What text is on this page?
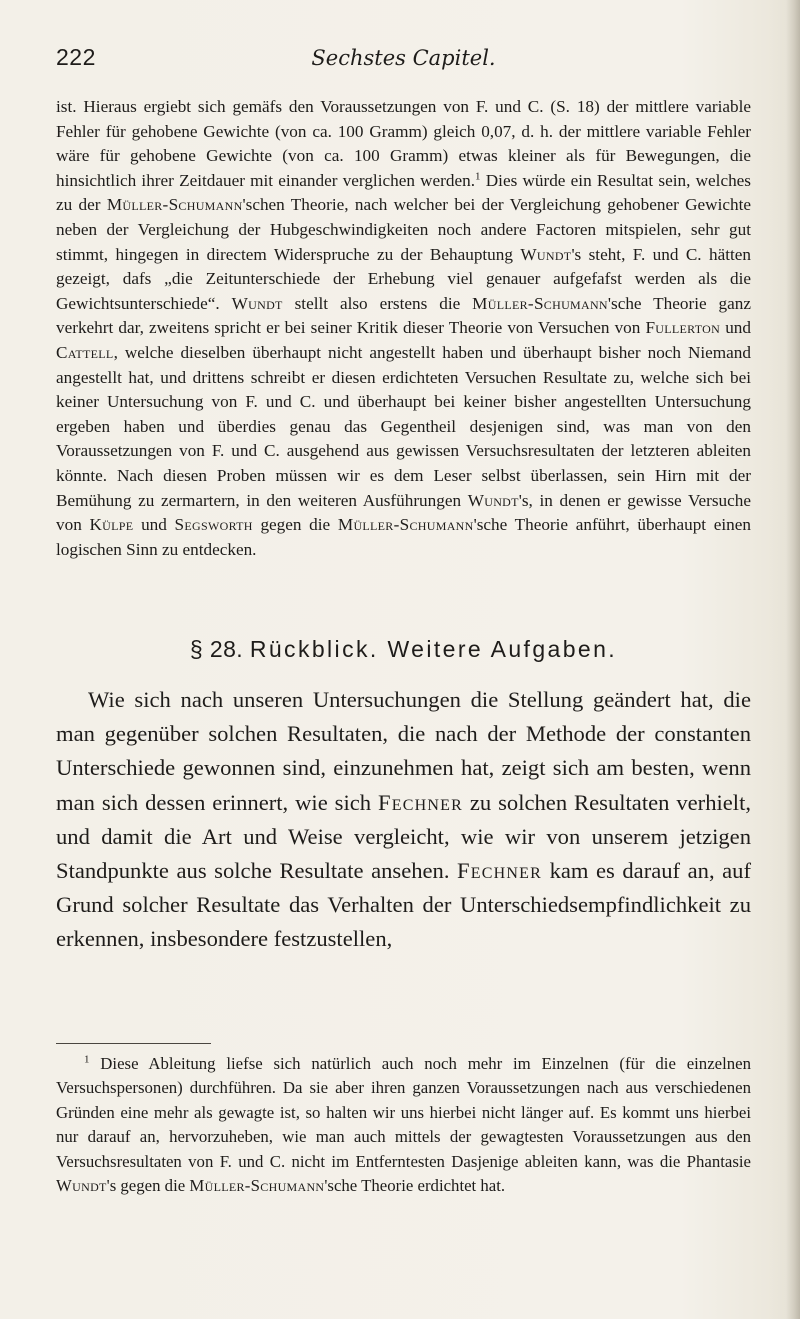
222	Sechstes Capitel.

ist. Hieraus ergiebt sich gemäfs den Voraussetzungen von F. und C. (S. 18) der mittlere variable Fehler für gehobene Gewichte (von ca. 100 Gramm) gleich 0,07, d. h. der mittlere variable Fehler wäre für gehobene Gewichte (von ca. 100 Gramm) etwas kleiner als für Bewegungen, die hinsichtlich ihrer Zeitdauer mit einander verglichen werden.$^1$ Dies würde ein Resultat sein, welches zu der Müller-Schumann'schen Theorie, nach welcher bei der Vergleichung gehobener Gewichte neben der Vergleichung der Hubgeschwindigkeiten noch andere Factoren mitspielen, sehr gut stimmt, hingegen in directem Widerspruche zu der Behauptung Wundt's steht, F. und C. hätten gezeigt, dafs „die Zeitunterschiede der Erhebung viel genauer aufgefafst werden als die Gewichtsunterschiede“. Wundt stellt also erstens die Müller-Schumann'sche Theorie ganz verkehrt dar, zweitens spricht er bei seiner Kritik dieser Theorie von Versuchen von Fullerton und Cattell, welche dieselben überhaupt nicht angestellt haben und überhaupt bisher noch Niemand angestellt hat, und drittens schreibt er diesen erdichteten Versuchen Resultate zu, welche sich bei keiner Untersuchung von F. und C. und überhaupt bei keiner bisher angestellten Untersuchung ergeben haben und überdies genau das Gegentheil desjenigen sind, was man von den Voraussetzungen von F. und C. ausgehend aus gewissen Versuchsresultaten der letzteren ableiten könnte. Nach diesen Proben müssen wir es dem Leser selbst überlassen, sein Hirn mit der Bemühung zu zermartern, in den weiteren Ausführungen Wundt's, in denen er gewisse Versuche von Külpe und Segsworth gegen die Müller-Schumann'sche Theorie anführt, überhaupt einen logischen Sinn zu entdecken.

§ 28. Rückblick. Weitere Aufgaben.

Wie sich nach unseren Untersuchungen die Stellung geändert hat, die man gegenüber solchen Resultaten, die nach der Methode der constanten Unterschiede gewonnen sind, einzunehmen hat, zeigt sich am besten, wenn man sich dessen erinnert, wie sich Fechner zu solchen Resultaten verhielt, und damit die Art und Weise vergleicht, wie wir von unserem jetzigen Standpunkte aus solche Resultate ansehen. Fechner kam es darauf an, auf Grund solcher Resultate das Verhalten der Unterschiedsempfindlichkeit zu erkennen, insbesondere festzustellen,

$^1$ Diese Ableitung liefse sich natürlich auch noch mehr im Einzelnen (für die einzelnen Versuchspersonen) durchführen. Da sie aber ihren ganzen Voraussetzungen nach aus verschiedenen Gründen eine mehr als gewagte ist, so halten wir uns hierbei nicht länger auf. Es kommt uns hierbei nur darauf an, hervorzuheben, wie man auch mittels der gewagtesten Voraussetzungen aus den Versuchsresultaten von F. und C. nicht im Entferntesten Dasjenige ableiten kann, was die Phantasie Wundt's gegen die Müller-Schumann'sche Theorie erdichtet hat.
